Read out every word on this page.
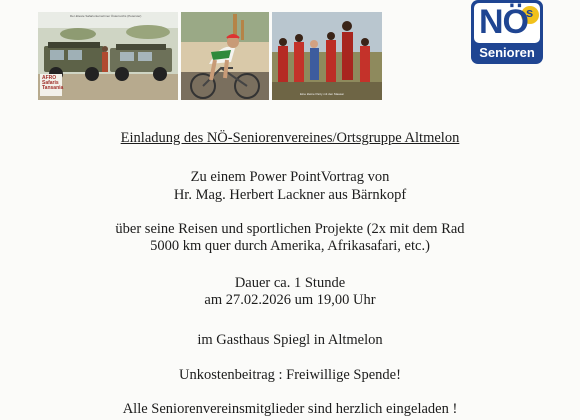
AFRO
Safaris
Tansania
Der älteste Safariunternehmer Österreichs (Peterster)
Eine kleine Party mit den Maasai
NÖ
s
Senioren
Einladung des NÖ-Seniorenvereines/Ortsgruppe Altmelon
Zu einem Power PointVortrag von
Hr. Mag. Herbert Lackner aus Bärnkopf
über seine Reisen und sportlichen Projekte (2x mit dem Rad
5000 km quer durch Amerika, Afrikasafari, etc.)
Dauer ca. 1 Stunde
am 27.02.2026 um 19,00 Uhr
im Gasthaus Spiegl in Altmelon
Unkostenbeitrag : Freiwillige Spende!
Alle Seniorenvereinsmitglieder sind herzlich eingeladen !
